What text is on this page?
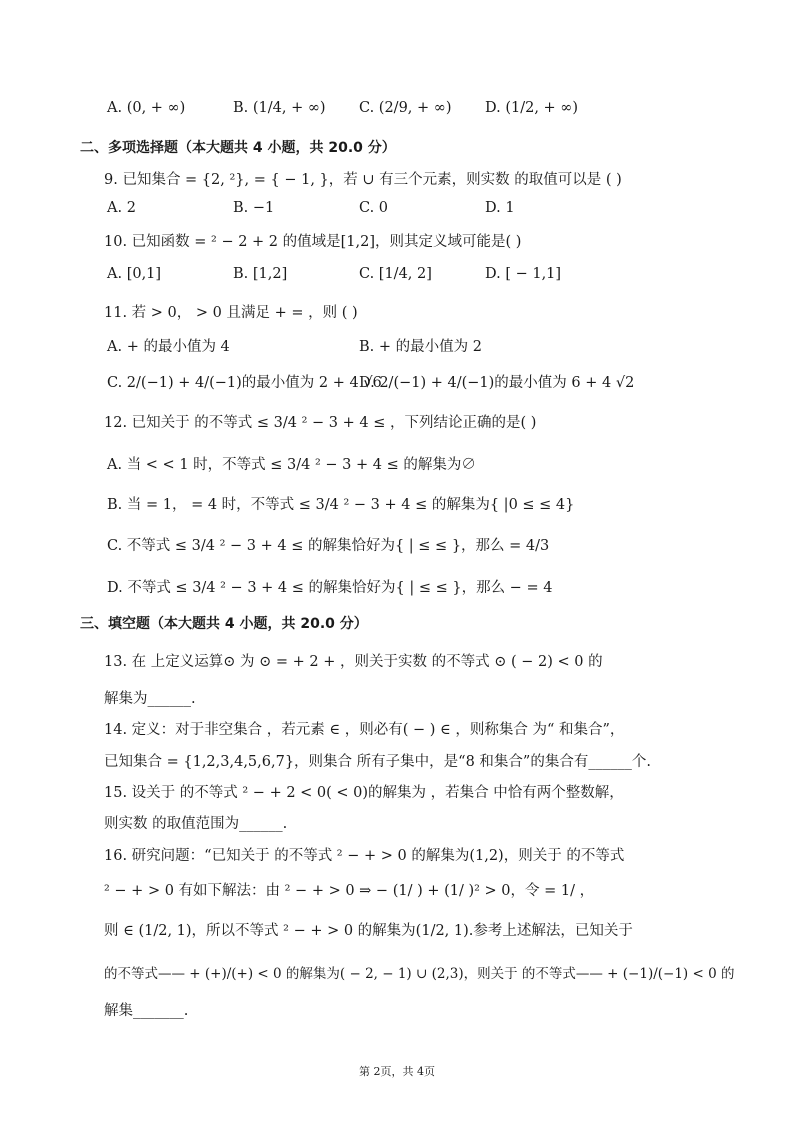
A. (0, + ∞)	B. (1/4, + ∞) C. (2/9, + ∞) D. (1/2, + ∞)
二、多项选择题（本大题共 4 小题，共 20.0 分）
9. 已知集合 = {2, ²}, = { − 1, }，若 ∪ 有三个元素，则实数 的取值可以是 ( )
A. 2	B. −1	C. 0	D. 1
10. 已知函数 = ² − 2 + 2 的值域是[1,2]，则其定义域可能是( )
A. [0,1]	B. [1,2]	C. [1/4, 2]	D. [ − 1,1]
11. 若 > 0， > 0 且满足 + = ，则 ( )
A. + 的最小值为 4	B. + 的最小值为 2
C. 2/(−1) + 4/(−1)的最小值为 2 + 4 √6
D. 2/(−1) + 4/(−1)的最小值为 6 + 4 √2
12. 已知关于 的不等式 ≤ 3/4 ² − 3 + 4 ≤ ，下列结论正确的是( )
A. 当 < < 1 时，不等式 ≤ 3/4 ² − 3 + 4 ≤ 的解集为∅
B. 当 = 1， = 4 时，不等式 ≤ 3/4 ² − 3 + 4 ≤ 的解集为{ |0 ≤ ≤ 4}
C. 不等式 ≤ 3/4 ² − 3 + 4 ≤ 的解集恰好为{ | ≤ ≤ }，那么 = 4/3
D. 不等式 ≤ 3/4 ² − 3 + 4 ≤ 的解集恰好为{ | ≤ ≤ }，那么 − = 4
三、填空题（本大题共 4 小题，共 20.0 分）
13. 在 上定义运算⊙ 为 ⊙ = + 2 + ，则关于实数 的不等式 ⊙ ( − 2) < 0 的
解集为______.
14. 定义：对于非空集合 ，若元素 ∈ ，则必有( − ) ∈ ，则称集合 为“ 和集合”，
已知集合 = {1,2,3,4,5,6,7}，则集合 所有子集中，是“8 和集合”的集合有______个.
15. 设关于 的不等式 ² − + 2 < 0( < 0)的解集为 ，若集合 中恰有两个整数解，
则实数 的取值范围为______.
16. 研究问题：“已知关于 的不等式 ² − + > 0 的解集为(1,2)，则关于 的不等式
² − + > 0 有如下解法：由 ² − + > 0 ⇒ − (1/ ) + (1/ )² > 0，令 = 1/ ，
则 ∈ (1/2, 1)，所以不等式 ² − + > 0 的解集为(1/2, 1).参考上述解法，已知关于
的不等式—— + (+)/(+) < 0 的解集为( − 2, − 1) ∪ (2,3)，则关于 的不等式—— + (−1)/(−1) < 0 的
解集_______.
第 2页，共 4页
